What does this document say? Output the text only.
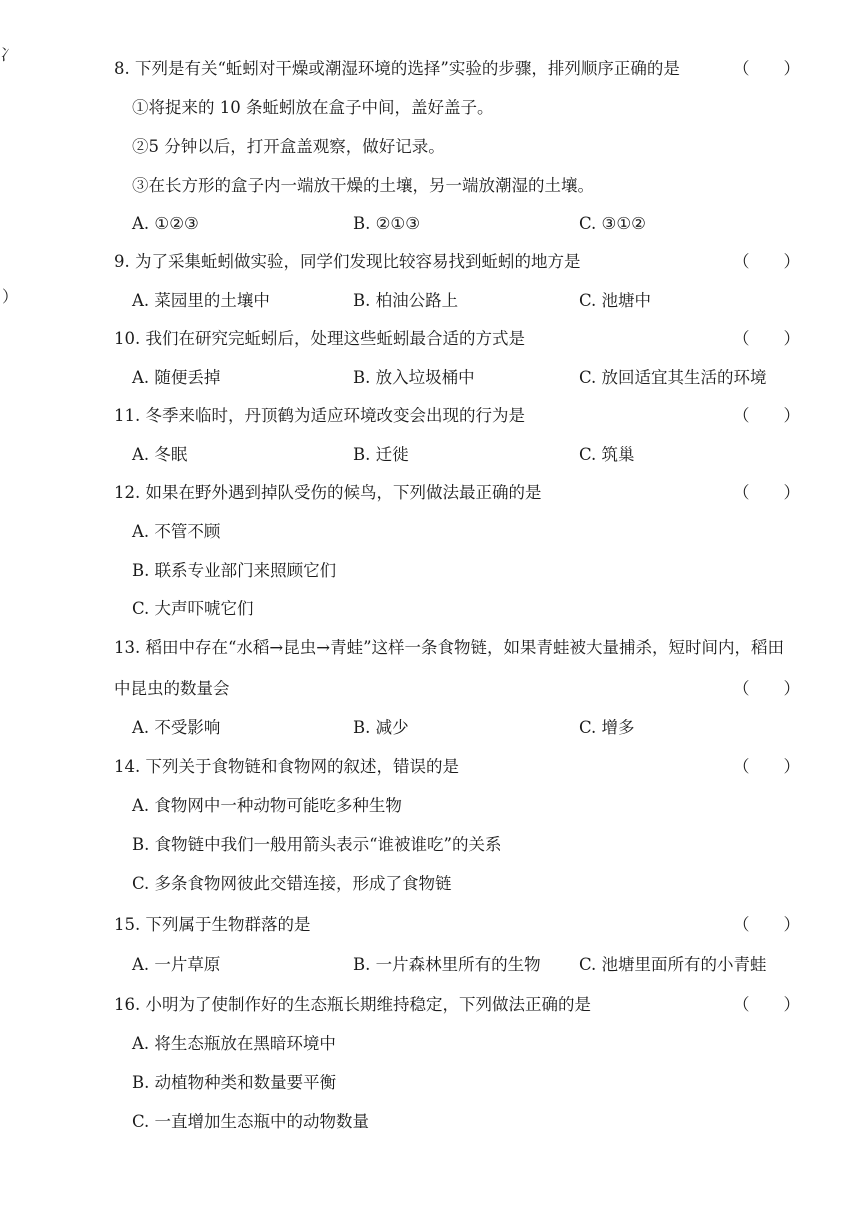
冫
）
8. 下列是有关“蚯蚓对干燥或潮湿环境的选择”实验的步骤，排列顺序正确的是	（）
①将捉来的 10 条蚯蚓放在盒子中间，盖好盖子。
②5 分钟以后，打开盒盖观察，做好记录。
③在长方形的盒子内一端放干燥的土壤，另一端放潮湿的土壤。
A. ①②③	B. ②①③	C. ③①②
9. 为了采集蚯蚓做实验，同学们发现比较容易找到蚯蚓的地方是	（）
A. 菜园里的土壤中	B. 柏油公路上	C. 池塘中
10. 我们在研究完蚯蚓后，处理这些蚯蚓最合适的方式是	（）
A. 随便丢掉	B. 放入垃圾桶中	C. 放回适宜其生活的环境
11. 冬季来临时，丹顶鹤为适应环境改变会出现的行为是	（）
A. 冬眠	B. 迁徙	C. 筑巢
12. 如果在野外遇到掉队受伤的候鸟，下列做法最正确的是	（）
A. 不管不顾
B. 联系专业部门来照顾它们
C. 大声吓唬它们
13. 稻田中存在“水稻→昆虫→青蛙”这样一条食物链，如果青蛙被大量捕杀，短时间内，稻田
中昆虫的数量会	（）
A. 不受影响	B. 减少	C. 增多
14. 下列关于食物链和食物网的叙述，错误的是	（）
A. 食物网中一种动物可能吃多种生物
B. 食物链中我们一般用箭头表示“谁被谁吃”的关系
C. 多条食物网彼此交错连接，形成了食物链
15. 下列属于生物群落的是	（）
A. 一片草原	B. 一片森林里所有的生物 C. 池塘里面所有的小青蛙
16. 小明为了使制作好的生态瓶长期维持稳定，下列做法正确的是	（）
A. 将生态瓶放在黑暗环境中
B. 动植物种类和数量要平衡
C. 一直增加生态瓶中的动物数量
